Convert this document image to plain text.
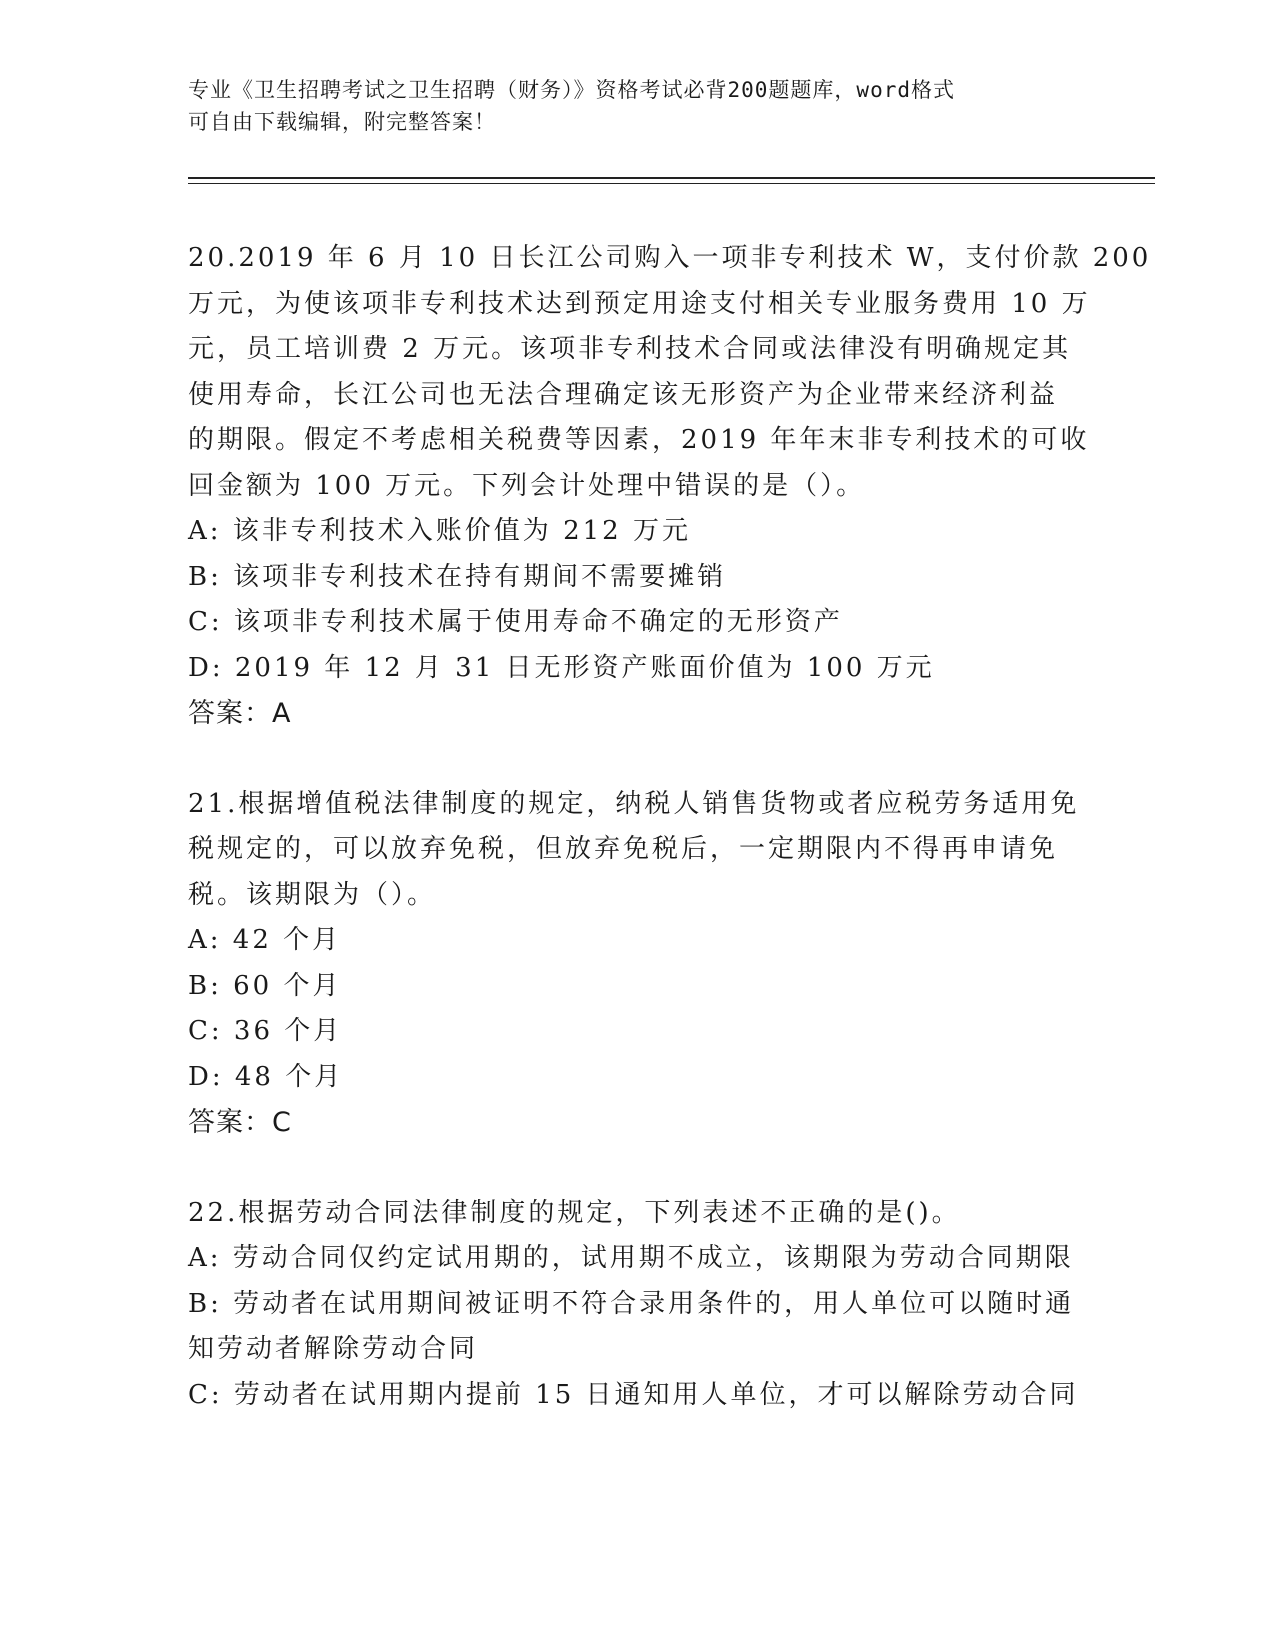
专业《卫生招聘考试之卫生招聘（财务）》资格考试必背200题题库，word格式
可自由下载编辑，附完整答案！
20.2019 年 6 月 10 日长江公司购入一项非专利技术 W，支付价款 200
万元，为使该项非专利技术达到预定用途支付相关专业服务费用 10 万
元，员工培训费 2 万元。该项非专利技术合同或法律没有明确规定其
使用寿命，长江公司也无法合理确定该无形资产为企业带来经济利益
的期限。假定不考虑相关税费等因素，2019 年年末非专利技术的可收
回金额为 100 万元。下列会计处理中错误的是（）。
A: 该非专利技术入账价值为 212 万元
B: 该项非专利技术在持有期间不需要摊销
C: 该项非专利技术属于使用寿命不确定的无形资产
D: 2019 年 12 月 31 日无形资产账面价值为 100 万元
答案：A
21.根据增值税法律制度的规定，纳税人销售货物或者应税劳务适用免
税规定的，可以放弃免税，但放弃免税后，一定期限内不得再申请免
税。该期限为（）。
A: 42 个月
B: 60 个月
C: 36 个月
D: 48 个月
答案：C
22.根据劳动合同法律制度的规定，下列表述不正确的是()。
A: 劳动合同仅约定试用期的，试用期不成立，该期限为劳动合同期限
B: 劳动者在试用期间被证明不符合录用条件的，用人单位可以随时通
知劳动者解除劳动合同
C: 劳动者在试用期内提前 15 日通知用人单位，才可以解除劳动合同
